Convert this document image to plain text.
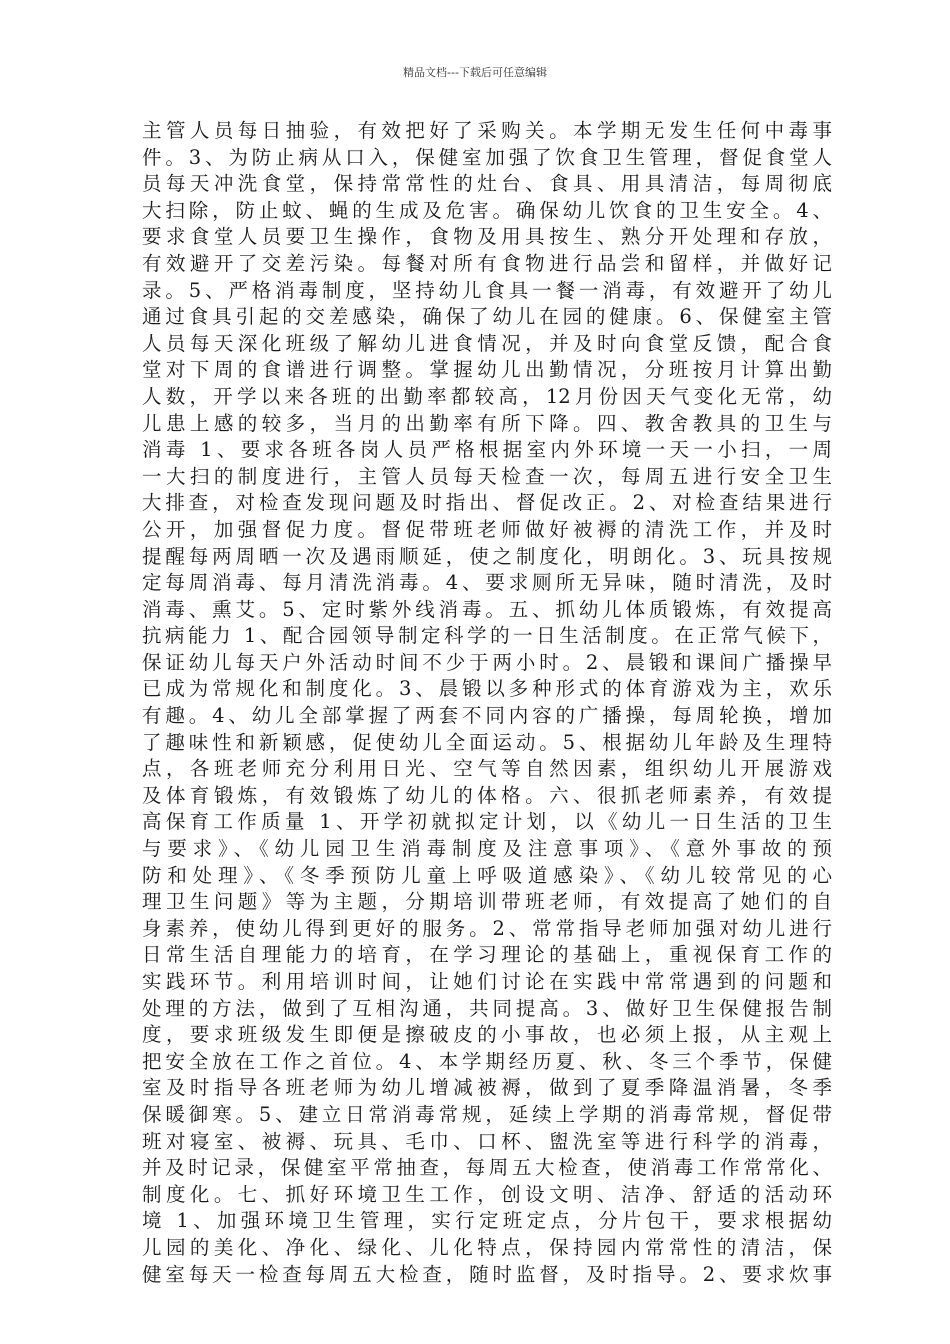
精品文档---下载后可任意编辑
主管人员每日抽验，有效把好了采购关。本学期无发生任何中毒事
件。3、为防止病从口入，保健室加强了饮食卫生管理，督促食堂人
员每天冲洗食堂，保持常常性的灶台、食具、用具清洁，每周彻底
大扫除，防止蚊、蝇的生成及危害。确保幼儿饮食的卫生安全。4、
要求食堂人员要卫生操作，食物及用具按生、熟分开处理和存放，
有效避开了交差污染。每餐对所有食物进行品尝和留样，并做好记
录。5、严格消毒制度，坚持幼儿食具一餐一消毒，有效避开了幼儿
通过食具引起的交差感染，确保了幼儿在园的健康。6、保健室主管
人员每天深化班级了解幼儿进食情况，并及时向食堂反馈，配合食
堂对下周的食谱进行调整。掌握幼儿出勤情况，分班按月计算出勤
人数，开学以来各班的出勤率都较高，12月份因天气变化无常，幼
儿患上感的较多，当月的出勤率有所下降。四、教舍教具的卫生与
消毒 1、要求各班各岗人员严格根据室内外环境一天一小扫，一周
一大扫的制度进行，主管人员每天检查一次，每周五进行安全卫生
大排查，对检查发现问题及时指出、督促改正。2、对检查结果进行
公开，加强督促力度。督促带班老师做好被褥的清洗工作，并及时
提醒每两周晒一次及遇雨顺延，使之制度化，明朗化。3、玩具按规
定每周消毒、每月清洗消毒。4、要求厕所无异味，随时清洗，及时
消毒、熏艾。5、定时紫外线消毒。五、抓幼儿体质锻炼，有效提高
抗病能力 1、配合园领导制定科学的一日生活制度。在正常气候下，
保证幼儿每天户外活动时间不少于两小时。2、晨锻和课间广播操早
已成为常规化和制度化。3、晨锻以多种形式的体育游戏为主，欢乐
有趣。4、幼儿全部掌握了两套不同内容的广播操，每周轮换，增加
了趣味性和新颖感，促使幼儿全面运动。5、根据幼儿年龄及生理特
点，各班老师充分利用日光、空气等自然因素，组织幼儿开展游戏
及体育锻炼，有效锻炼了幼儿的体格。六、很抓老师素养，有效提
高保育工作质量 1、开学初就拟定计划，以《幼儿一日生活的卫生
与要求》、《幼儿园卫生消毒制度及注意事项》、《意外事故的预
防和处理》、《冬季预防儿童上呼吸道感染》、《幼儿较常见的心
理卫生问题》等为主题，分期培训带班老师，有效提高了她们的自
身素养，使幼儿得到更好的服务。2、常常指导老师加强对幼儿进行
日常生活自理能力的培育，在学习理论的基础上，重视保育工作的
实践环节。利用培训时间，让她们讨论在实践中常常遇到的问题和
处理的方法，做到了互相沟通，共同提高。3、做好卫生保健报告制
度，要求班级发生即便是擦破皮的小事故，也必须上报，从主观上
把安全放在工作之首位。4、本学期经历夏、秋、冬三个季节，保健
室及时指导各班老师为幼儿增减被褥，做到了夏季降温消暑，冬季
保暖御寒。5、建立日常消毒常规，延续上学期的消毒常规，督促带
班对寝室、被褥、玩具、毛巾、口杯、盥洗室等进行科学的消毒，
并及时记录，保健室平常抽查，每周五大检查，使消毒工作常常化、
制度化。七、抓好环境卫生工作，创设文明、洁净、舒适的活动环
境 1、加强环境卫生管理，实行定班定点，分片包干，要求根据幼
儿园的美化、净化、绿化、儿化特点，保持园内常常性的清洁，保
健室每天一检查每周五大检查，随时监督，及时指导。2、要求炊事
